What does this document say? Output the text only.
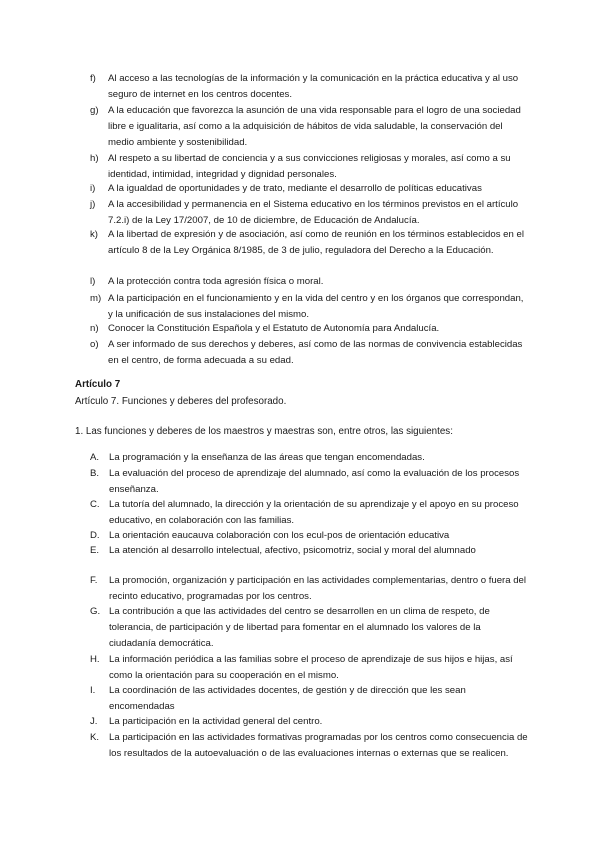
f)	Al acceso a las tecnologías de la información y la comunicación en la práctica educativa y al uso seguro de internet en los centros docentes.
g) A la educación que favorezca la asunción de una vida responsable para el logro de una sociedad libre e igualitaria, así como a la adquisición de hábitos de vida saludable, la conservación del medio ambiente y sostenibilidad.
h) Al respeto a su libertad de conciencia y a sus convicciones religiosas y morales, así como a su identidad, intimidad, integridad y dignidad personales.
i)	A la igualdad de oportunidades y de trato, mediante el desarrollo de políticas educativas
j)	A la accesibilidad y permanencia en el Sistema educativo en los términos previstos en el artículo 7.2.i) de la Ley 17/2007, de 10 de diciembre, de Educación de Andalucía.
k)	A la libertad de expresión y de asociación, así como de reunión en los términos establecidos en el artículo 8 de la Ley Orgánica 8/1985, de 3 de julio, reguladora del Derecho a la Educación.
l)	A la protección contra toda agresión física o moral.
m) A la participación en el funcionamiento y en la vida del centro y en los órganos que correspondan, y la unificación de sus instalaciones del mismo.
n) Conocer la Constitución Española y el Estatuto de Autonomía para Andalucía.
o) A ser informado de sus derechos y deberes, así como de las normas de convivencia establecidas en el centro, de forma adecuada a su edad.
Artículo 7
Artículo 7. Funciones y deberes del profesorado.
1. Las funciones y deberes de los maestros y maestras son, entre otros, las siguientes:
A.	La programación y la enseñanza de las áreas que tengan encomendadas.
B.	La evaluación del proceso de aprendizaje del alumnado, así como la evaluación de los procesos enseñanza.
C. La tutoría del alumnado, la dirección y la orientación de su aprendizaje y el apoyo en su proceso educativo, en colaboración con las familias.
D. La orientación eaucauva colaboración con los ecul-pos de orientación educativa
E.	La atención al desarrollo intelectual, afectivo, psicomotriz, social y moral del alumnado
F.	La promoción, organización y participación en las actividades complementarias, dentro o fuera del recinto educativo, programadas por los centros.
G. La contribución a que las actividades del centro se desarrollen en un clima de respeto, de tolerancia, de participación y de libertad para fomentar en el alumnado los valores de la ciudadanía democrática.
H. La información periódica a las familias sobre el proceso de aprendizaje de sus hijos e hijas, así como la orientación para su cooperación en el mismo.
I.	La coordinación de las actividades docentes, de gestión y de dirección que les sean encomendadas
J.	La participación en la actividad general del centro.
K.	La participación en las actividades formativas programadas por los centros como consecuencia de los resultados de la autoevaluación o de las evaluaciones internas o externas que se realicen.
